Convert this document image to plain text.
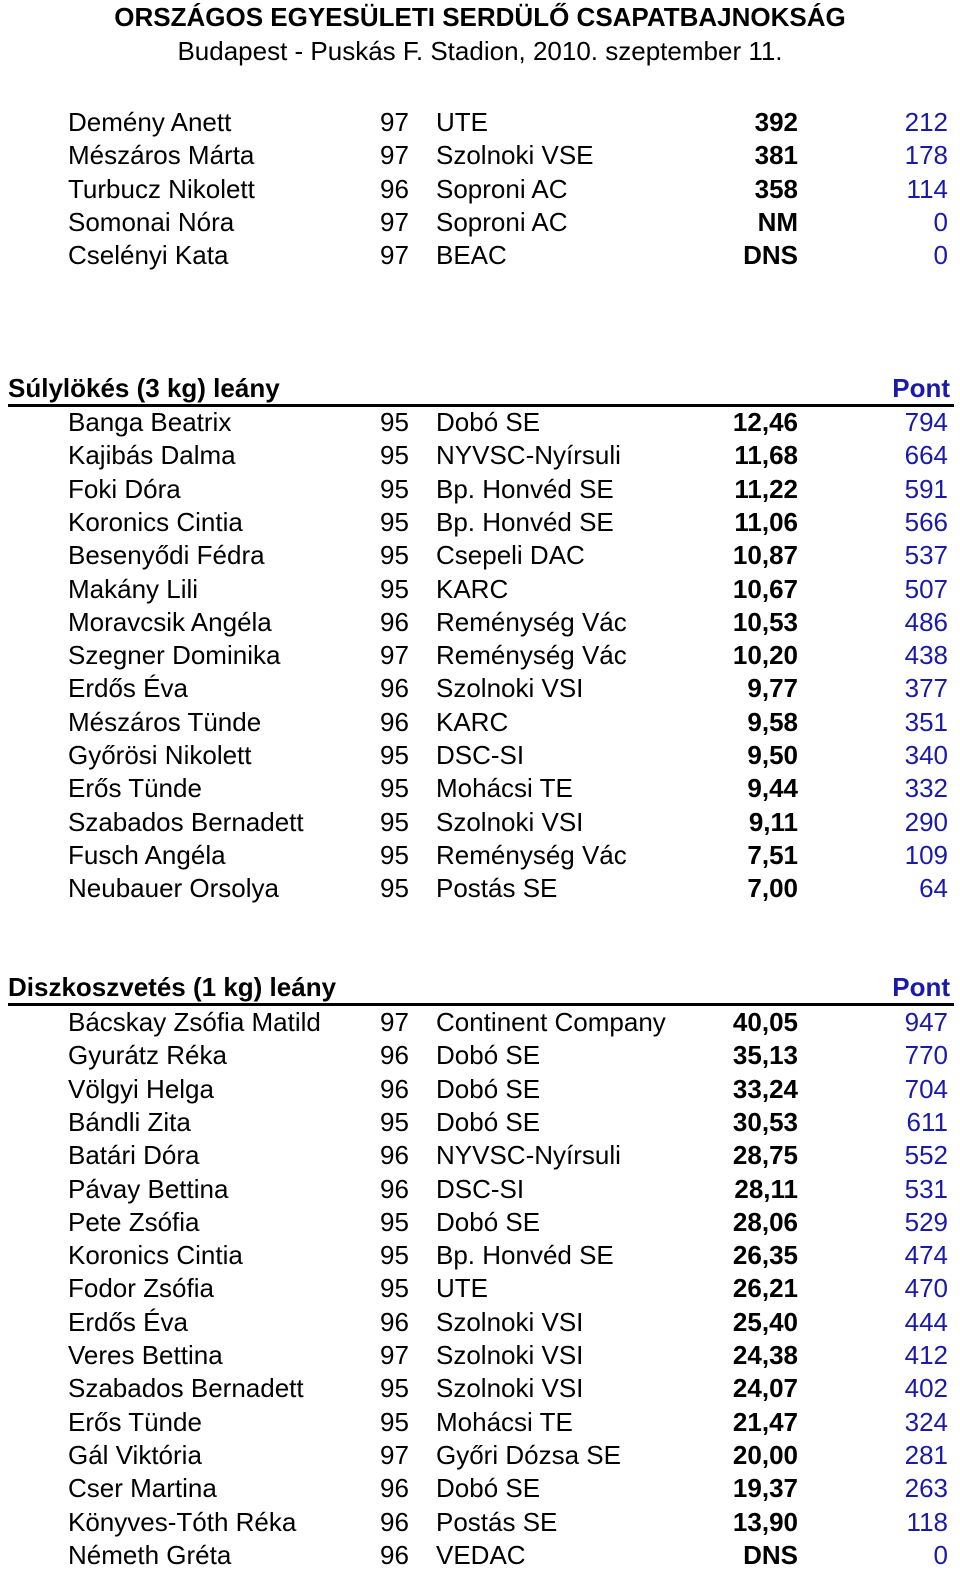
ORSZÁGOS EGYESÜLETI SERDÜLŐ CSAPATBAJNOKSÁG
Budapest - Puskás F. Stadion, 2010. szeptember 11.
Demény Anett	97 UTE	392	212
Mészáros Márta	97 Szolnoki VSE	381	178
Turbucz Nikolett	96 Soproni AC	358	114
Somonai Nóra	97 Soproni AC	NM	0
Cselényi Kata	97 BEAC	DNS	0
Súlylökés (3 kg) leány	Pont
Banga Beatrix	95 Dobó SE	12,46	794
Kajibás Dalma	95 NYVSC-Nyírsuli	11,68	664
Foki Dóra	95 Bp. Honvéd SE	11,22	591
Koronics Cintia	95 Bp. Honvéd SE	11,06	566
Besenyődi Fédra	95 Csepeli DAC	10,87	537
Makány Lili	95 KARC	10,67	507
Moravcsik Angéla	96 Reménység Vác	10,53	486
Szegner Dominika	97 Reménység Vác	10,20	438
Erdős Éva	96 Szolnoki VSI	9,77	377
Mészáros Tünde	96 KARC	9,58	351
Győrösi Nikolett	95 DSC-SI	9,50	340
Erős Tünde	95 Mohácsi TE	9,44	332
Szabados Bernadett	95 Szolnoki VSI	9,11	290
Fusch Angéla	95 Reménység Vác	7,51	109
Neubauer Orsolya	95 Postás SE	7,00	64
Diszkoszvetés (1 kg) leány	Pont
Bácskay Zsófia Matild 97 Continent Company	40,05	947
Gyurátz Réka	96 Dobó SE	35,13	770
Völgyi Helga	96 Dobó SE	33,24	704
Bándli Zita	95 Dobó SE	30,53	611
Batári Dóra	96 NYVSC-Nyírsuli	28,75	552
Pávay Bettina	96 DSC-SI	28,11	531
Pete Zsófia	95 Dobó SE	28,06	529
Koronics Cintia	95 Bp. Honvéd SE	26,35	474
Fodor Zsófia	95 UTE	26,21	470
Erdős Éva	96 Szolnoki VSI	25,40	444
Veres Bettina	97 Szolnoki VSI	24,38	412
Szabados Bernadett	95 Szolnoki VSI	24,07	402
Erős Tünde	95 Mohácsi TE	21,47	324
Gál Viktória	97 Győri Dózsa SE	20,00	281
Cser Martina	96 Dobó SE	19,37	263
Könyves-Tóth Réka	96 Postás SE	13,90	118
Németh Gréta	96 VEDAC	DNS	0
